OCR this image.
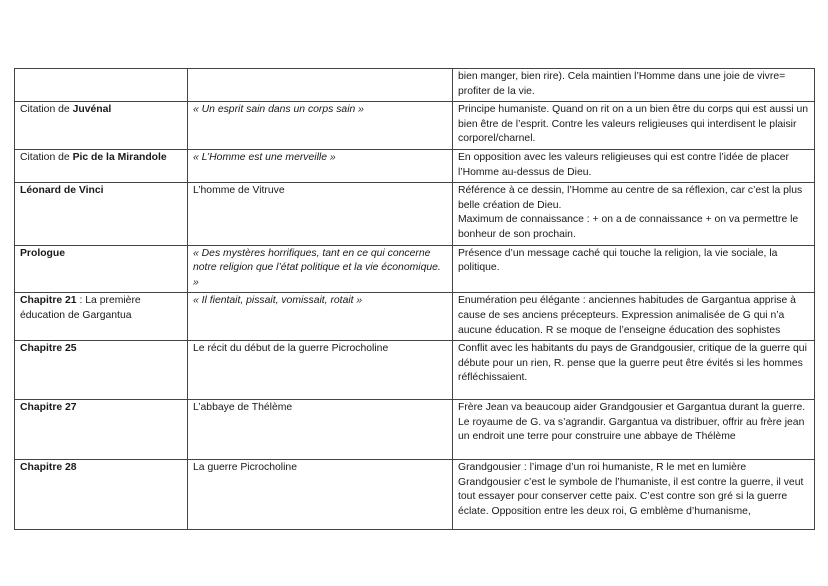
		bien manger, bien rire). Cela maintien l’Homme dans une joie de vivre= profiter de la vie.

Citation de Juvénal	« Un esprit sain dans un corps sain »	Principe humaniste. Quand on rit on a un bien être du corps qui est aussi un bien être de l’esprit. Contre les valeurs religieuses qui interdisent le plaisir corporel/charnel.

Citation de Pic de la Mirandole	« L’Homme est une merveille »	En opposition avec les valeurs religieuses qui est contre l’idée de placer l’Homme au-dessus de Dieu.

Léonard de Vinci	L’homme de Vitruve	Référence à ce dessin, l’Homme au centre de sa réflexion, car c’est la plus belle création de Dieu.
Maximum de connaissance : + on a de connaissance + on va permettre le bonheur de son prochain.

Prologue	« Des mystères horrifiques, tant en ce qui concerne notre religion que l’état politique et la vie économique. »	Présence d’un message caché qui touche la religion, la vie sociale, la politique.

Chapitre 21 : La première éducation de Gargantua	« Il fientait, pissait, vomissait, rotait »	Enumération peu élégante : anciennes habitudes de Gargantua apprise à cause de ses anciens précepteurs. Expression animalisée de G qui n’a aucune éducation. R se moque de l’enseigne éducation des sophistes

Chapitre 25	Le récit du début de la guerre Picrocholine	Conflit avec les habitants du pays de Grandgousier, critique de la guerre qui débute pour un rien, R. pense que la guerre peut être évités si les hommes réfléchissaient.

Chapitre 27	L’abbaye de Thélème	Frère Jean va beaucoup aider Grandgousier et Gargantua durant la guerre. Le royaume de G. va s’agrandir. Gargantua va distribuer, offrir au frère jean un endroit une terre pour construire une abbaye de Thélème

Chapitre 28	La guerre Picrocholine	Grandgousier : l’image d’un roi humaniste, R le met en lumière Grandgousier c’est le symbole de l’humaniste, il est contre la guerre, il veut tout essayer pour conserver cette paix. C’est contre son gré si la guerre éclate. Opposition entre les deux roi, G emblème d’humanisme,
